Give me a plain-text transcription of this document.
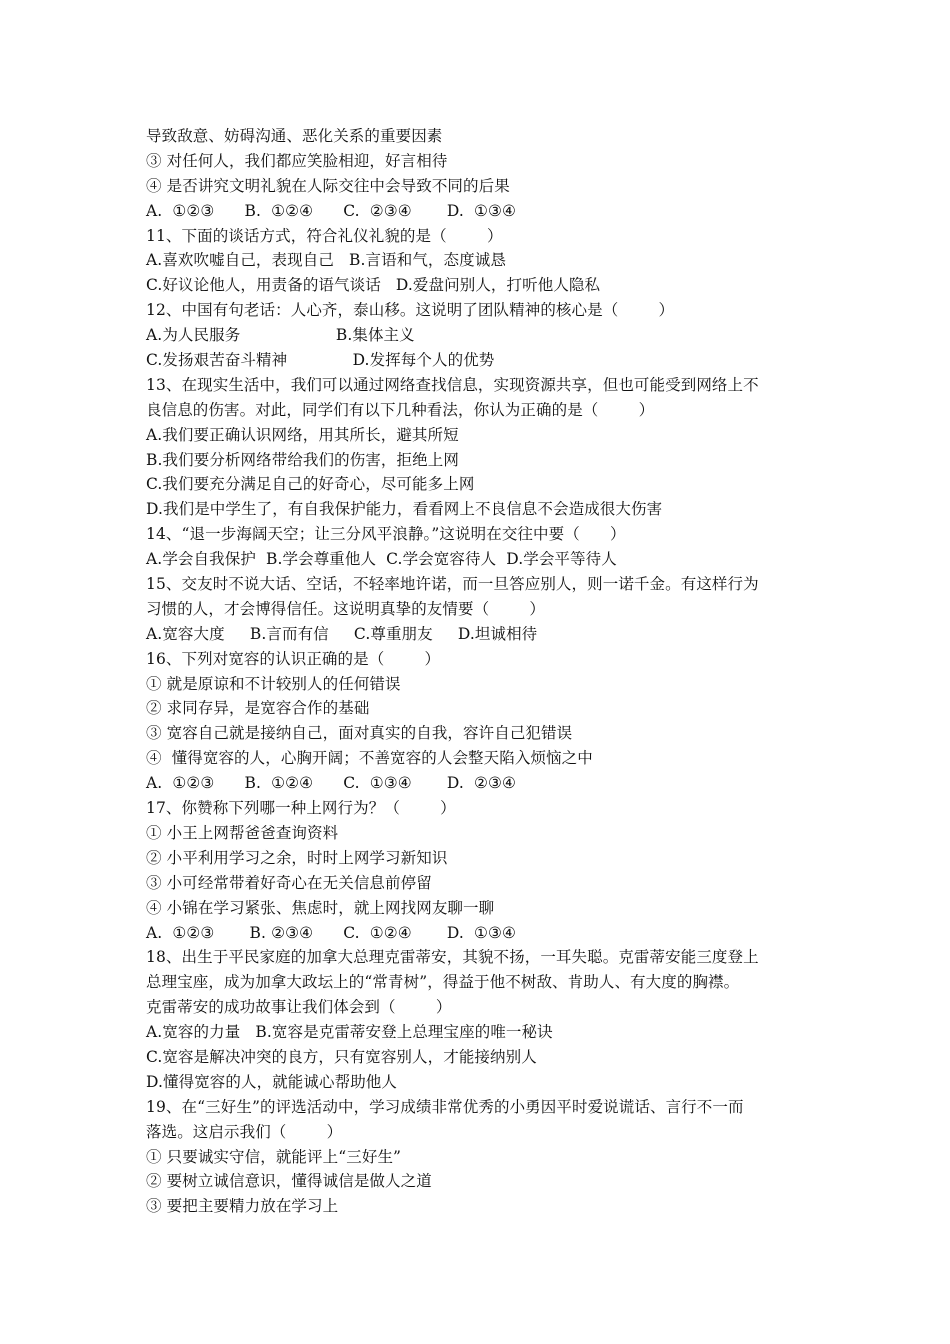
导致敌意、妨碍沟通、恶化关系的重要因素
③ 对任何人，我们都应笑脸相迎，好言相待
④ 是否讲究文明礼貌在人际交往中会导致不同的后果
A.  ①②③      B.  ①②④      C.  ②③④       D.  ①③④
11、下面的谈话方式，符合礼仪礼貌的是（        ）
A.喜欢吹嘘自己，表现自己   B.言语和气，态度诚恳
C.好议论他人，用责备的语气谈话   D.爱盘问别人，打听他人隐私
12、中国有句老话：人心齐，泰山移。这说明了团队精神的核心是（        ）
A.为人民服务                   B.集体主义
C.发扬艰苦奋斗精神             D.发挥每个人的优势
13、在现实生活中，我们可以通过网络查找信息，实现资源共享，但也可能受到网络上不
良信息的伤害。对此，同学们有以下几种看法，你认为正确的是（        ）
A.我们要正确认识网络，用其所长，避其所短
B.我们要分析网络带给我们的伤害，拒绝上网
C.我们要充分满足自己的好奇心，尽可能多上网
D.我们是中学生了，有自我保护能力，看看网上不良信息不会造成很大伤害
14、“退一步海阔天空；让三分风平浪静。”这说明在交往中要（      ）
A.学会自我保护  B.学会尊重他人  C.学会宽容待人  D.学会平等待人
15、交友时不说大话、空话，不轻率地许诺，而一旦答应别人，则一诺千金。有这样行为
习惯的人，才会博得信任。这说明真挚的友情要（        ）
A.宽容大度     B.言而有信     C.尊重朋友     D.坦诚相待
16、下列对宽容的认识正确的是（        ）
① 就是原谅和不计较别人的任何错误
② 求同存异，是宽容合作的基础
③ 宽容自己就是接纳自己，面对真实的自我，容许自己犯错误
④  懂得宽容的人，心胸开阔；不善宽容的人会整天陷入烦恼之中
A.  ①②③      B.  ①②④      C.  ①③④       D.  ②③④
17、你赞称下列哪一种上网行为？（        ）
① 小王上网帮爸爸查询资料
② 小平利用学习之余，时时上网学习新知识
③ 小可经常带着好奇心在无关信息前停留
④ 小锦在学习紧张、焦虑时，就上网找网友聊一聊
A.  ①②③       B. ②③④      C.  ①②④       D.  ①③④
18、出生于平民家庭的加拿大总理克雷蒂安，其貌不扬，一耳失聪。克雷蒂安能三度登上
总理宝座，成为加拿大政坛上的“常青树”，得益于他不树敌、肯助人、有大度的胸襟。
克雷蒂安的成功故事让我们体会到（        ）
A.宽容的力量   B.宽容是克雷蒂安登上总理宝座的唯一秘诀
C.宽容是解决冲突的良方，只有宽容别人，才能接纳别人
D.懂得宽容的人，就能诚心帮助他人
19、在“三好生”的评选活动中，学习成绩非常优秀的小勇因平时爱说谎话、言行不一而
落选。这启示我们（        ）
① 只要诚实守信，就能评上“三好生”
② 要树立诚信意识，懂得诚信是做人之道
③ 要把主要精力放在学习上
